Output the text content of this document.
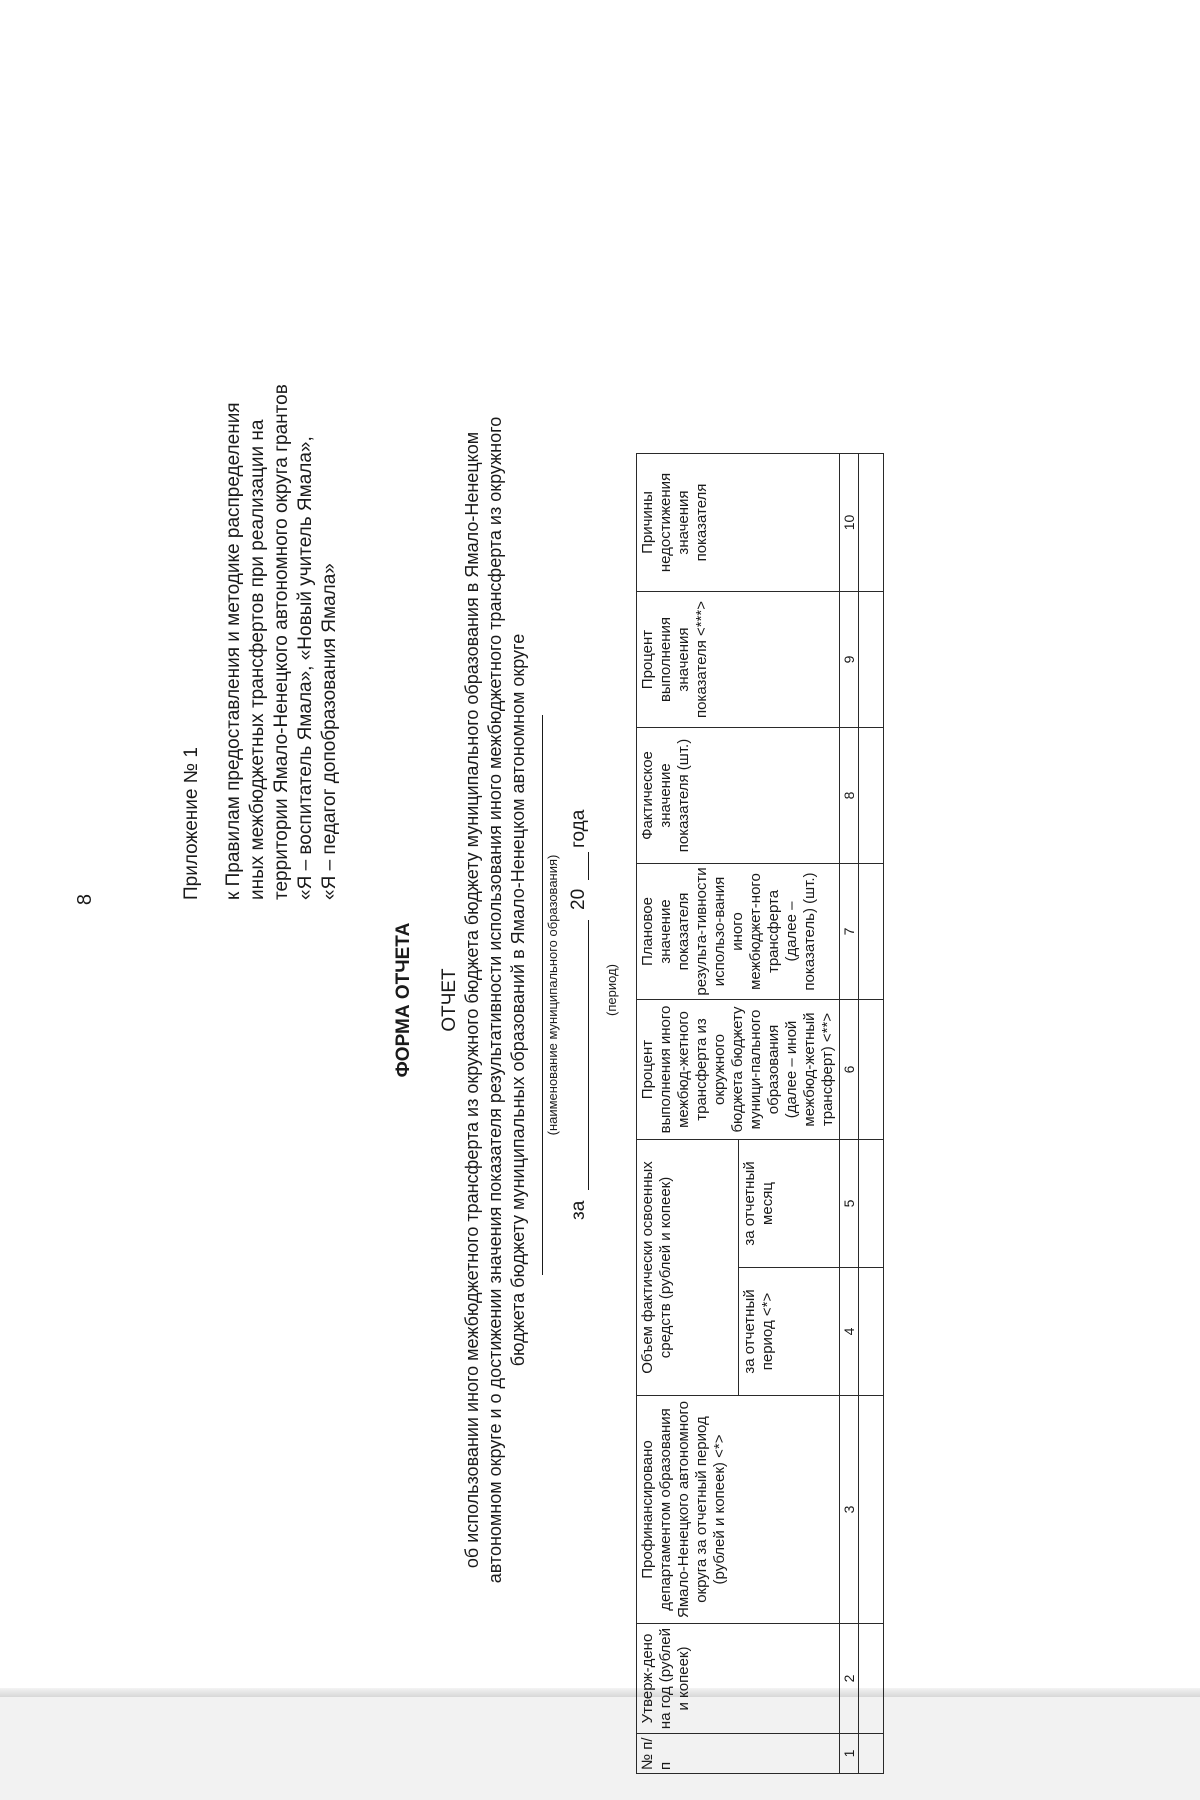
8	Приложение № 1 к Правилам предоставления и методике распределения
иных межбюджетных трансфертов при реализации на
территории Ямало-Ненецкого автономного округа грантов
«Я – воспитатель Ямала», «Новый учитель Ямала»,
«Я – педагог допобразования Ямала»
ФОРМА ОТЧЕТА ОТЧЕТ об использовании иного межбюджетного трансферта из окружного бюджета бюджету муниципального образования в Ямало-Ненецком автономном округе и о достижении значения показателя результативности использования иного межбюджетного трансферта из окружного бюджета бюджету муниципальных образований в Ямало-Ненецком автономном округе (наименование муниципального образования)
за
20
года
(период)
№ п/п	Утверж-дено на год (рублей и копеек)	Профинансировано департаментом образования Ямало-Ненецкого автономного округа за отчетный период (рублей и копеек) <*>	Объем фактически освоенных средств (рублей и копеек)		Процент выполнения иного межбюд-жетного трансферта из окружного бюджета бюджету муници-пального образования (далее – иной межбюд-жетный трансферт) <**>	Плановое значение показателя результа-тивности использо-вания иного межбюджет-ного трансферта (далее – показатель) (шт.)	Фактическое значение показателя (шт.)	Процент выполнения значения показателя <***>	Причины недостижения значения показателя
			за отчетный период <*>	за отчетный месяц					
1	2	3	4	5	6	7	8	9	10
